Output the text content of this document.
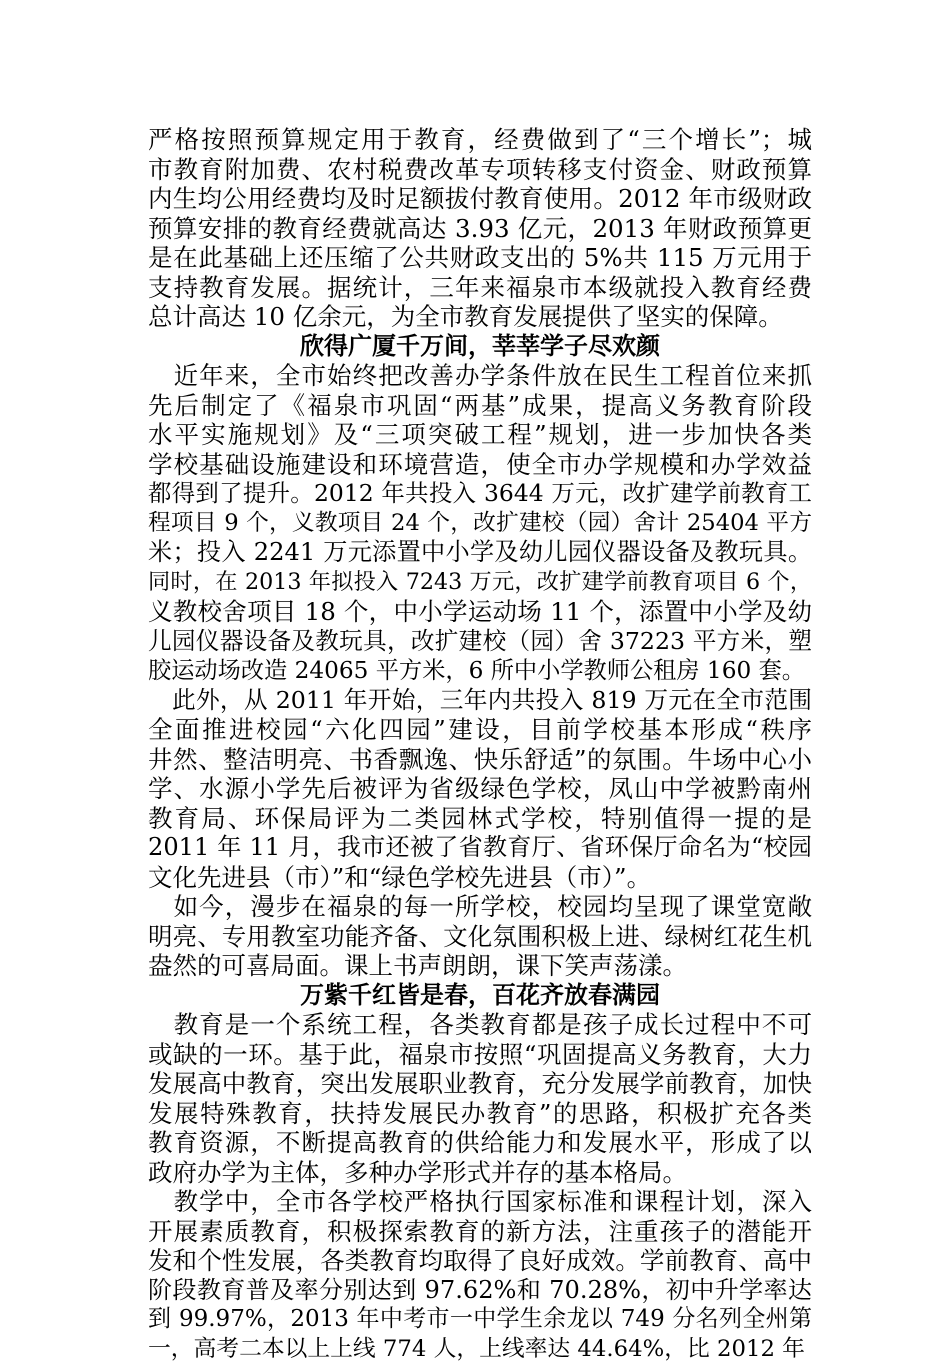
严格按照预算规定用于教育，经费做到了“三个增长”；城
市教育附加费、农村税费改革专项转移支付资金、财政预算
内生均公用经费均及时足额拔付教育使用。2012 年市级财政
预算安排的教育经费就高达 3.93 亿元，2013 年财政预算更
是在此基础上还压缩了公共财政支出的 5%共 115 万元用于
支持教育发展。据统计，三年来福泉市本级就投入教育经费
总计高达 10 亿余元，为全市教育发展提供了坚实的保障。
欣得广厦千万间，莘莘学子尽欢颜
　近年来，全市始终把改善办学条件放在民生工程首位来抓
先后制定了《福泉市巩固“两基”成果，提高义务教育阶段
水平实施规划》及“三项突破工程”规划，进一步加快各类
学校基础设施建设和环境营造，使全市办学规模和办学效益
都得到了提升。2012 年共投入 3644 万元，改扩建学前教育工
程项目 9 个，义教项目 24 个，改扩建校（园）舍计 25404 平方
米；投入 2241 万元添置中小学及幼儿园仪器设备及教玩具。
同时，在 2013 年拟投入 7243 万元，改扩建学前教育项目 6 个，
义教校舍项目 18 个，中小学运动场 11 个，添置中小学及幼
儿园仪器设备及教玩具，改扩建校（园）舍 37223 平方米，塑
胶运动场改造 24065 平方米，6 所中小学教师公租房 160 套。
　此外，从 2011 年开始，三年内共投入 819 万元在全市范围
全面推进校园“六化四园”建设，目前学校基本形成“秩序
井然、整洁明亮、书香飘逸、快乐舒适”的氛围。牛场中心小
学、水源小学先后被评为省级绿色学校，凤山中学被黔南州
教育局、环保局评为二类园林式学校，特别值得一提的是
2011 年 11 月，我市还被了省教育厅、省环保厅命名为“校园
文化先进县（市）”和“绿色学校先进县（市）”。
　如今，漫步在福泉的每一所学校，校园均呈现了课堂宽敞
明亮、专用教室功能齐备、文化氛围积极上进、绿树红花生机
盎然的可喜局面。课上书声朗朗，课下笑声荡漾。
万紫千红皆是春，百花齐放春满园
　教育是一个系统工程，各类教育都是孩子成长过程中不可
或缺的一环。基于此，福泉市按照“巩固提高义务教育，大力
发展高中教育，突出发展职业教育，充分发展学前教育，加快
发展特殊教育，扶持发展民办教育”的思路，积极扩充各类
教育资源，不断提高教育的供给能力和发展水平，形成了以
政府办学为主体，多种办学形式并存的基本格局。
　教学中，全市各学校严格执行国家标准和课程计划，深入
开展素质教育，积极探索教育的新方法，注重孩子的潜能开
发和个性发展，各类教育均取得了良好成效。学前教育、高中
阶段教育普及率分别达到 97.62%和 70.28%，初中升学率达
到 99.97%，2013 年中考市一中学生余龙以 749 分名列全州第
一，高考二本以上上线 774 人，上线率达 44.64%，比 2012 年
